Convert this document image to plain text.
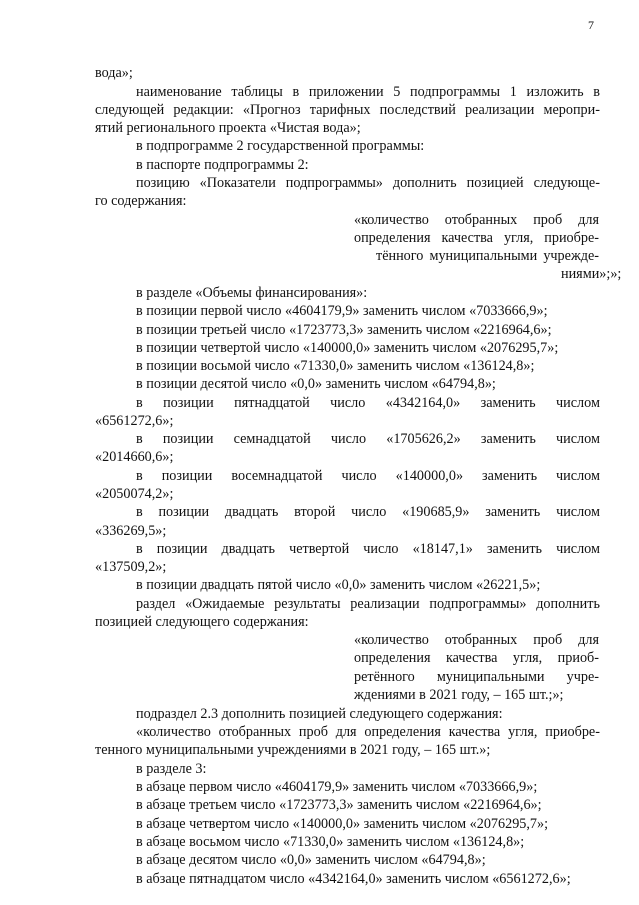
7
вода»;
наименование таблицы в приложении 5 подпрограммы 1 изложить в
следующей редакции: «Прогноз тарифных последствий реализации меропри-
ятий регионального проекта «Чистая вода»;
в подпрограмме 2 государственной программы:
в паспорте подпрограммы 2:
позицию «Показатели подпрограммы» дополнить позицией следующе-
го содержания:
«количество отобранных проб для
определения качества угля, приобре-
тённого муниципальными учрежде-
ниями»;»;
в разделе «Объемы финансирования»:
в позиции первой число «4604179,9» заменить числом «7033666,9»;
в позиции третьей число «1723773,3» заменить числом «2216964,6»;
в позиции четвертой число «140000,0» заменить числом «2076295,7»;
в позиции восьмой число «71330,0» заменить числом «136124,8»;
в позиции десятой число «0,0» заменить числом «64794,8»;
в позиции пятнадцатой число «4342164,0» заменить числом
«6561272,6»;
в позиции семнадцатой число «1705626,2» заменить числом
«2014660,6»;
в позиции восемнадцатой число «140000,0» заменить числом
«2050074,2»;
в позиции двадцать второй число «190685,9» заменить числом
«336269,5»;
в позиции двадцать четвертой число «18147,1» заменить числом
«137509,2»;
в позиции двадцать пятой число «0,0» заменить числом «26221,5»;
раздел «Ожидаемые результаты реализации подпрограммы» дополнить
позицией следующего содержания:
«количество отобранных проб для
определения качества угля, приоб-
ретённого муниципальными учре-
ждениями в 2021 году, – 165 шт.;»;
подраздел 2.3 дополнить позицией следующего содержания:
«количество отобранных проб для определения качества угля, приобре-
тенного муниципальными учреждениями в 2021 году, – 165 шт.»;
в разделе 3:
в абзаце первом число «4604179,9» заменить числом «7033666,9»;
в абзаце третьем число «1723773,3» заменить числом «2216964,6»;
в абзаце четвертом число «140000,0» заменить числом «2076295,7»;
в абзаце восьмом число «71330,0» заменить числом «136124,8»;
в абзаце десятом число «0,0» заменить числом «64794,8»;
в абзаце пятнадцатом число «4342164,0» заменить числом «6561272,6»;
